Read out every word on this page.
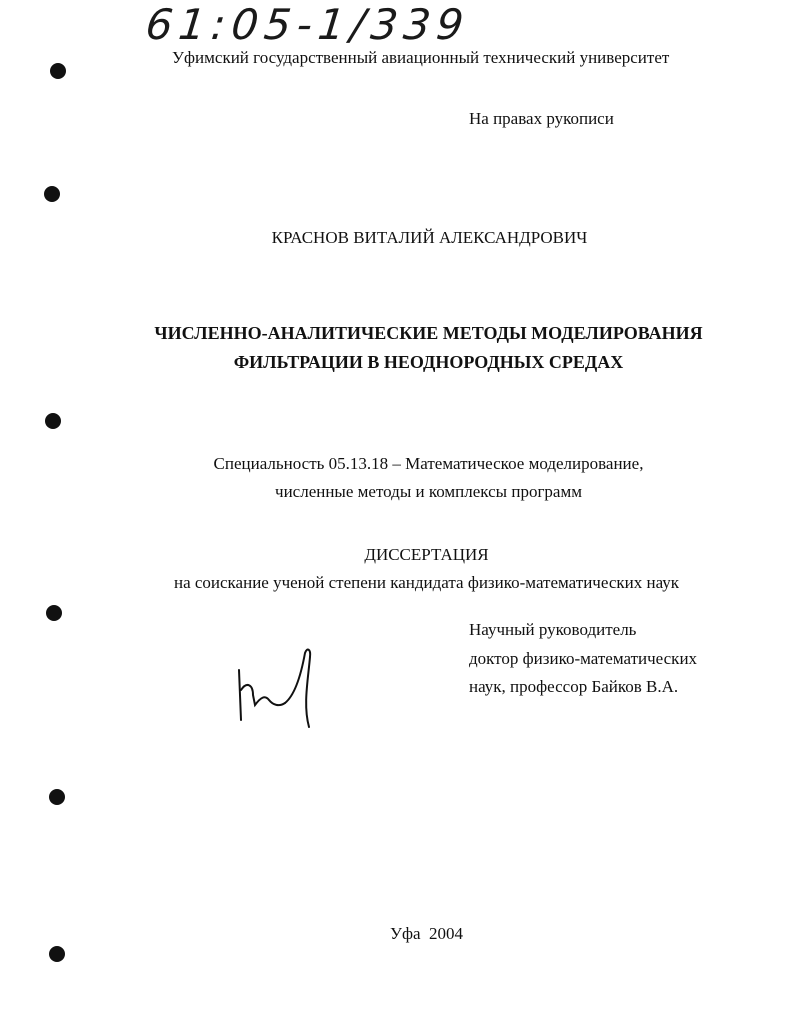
61:05-1/339
Уфимский государственный авиационный технический университет
На правах рукописи
КРАСНОВ ВИТАЛИЙ АЛЕКСАНДРОВИЧ
ЧИСЛЕННО-АНАЛИТИЧЕСКИЕ МЕТОДЫ МОДЕЛИРОВАНИЯ
ФИЛЬТРАЦИИ В НЕОДНОРОДНЫХ СРЕДАХ
Специальность 05.13.18 – Математическое моделирование,
численные методы и комплексы программ
ДИССЕРТАЦИЯ
на соискание ученой степени кандидата физико-математических наук
Научный руководитель
доктор физико-математических
наук, профессор Байков В.А.
Уфа  2004
